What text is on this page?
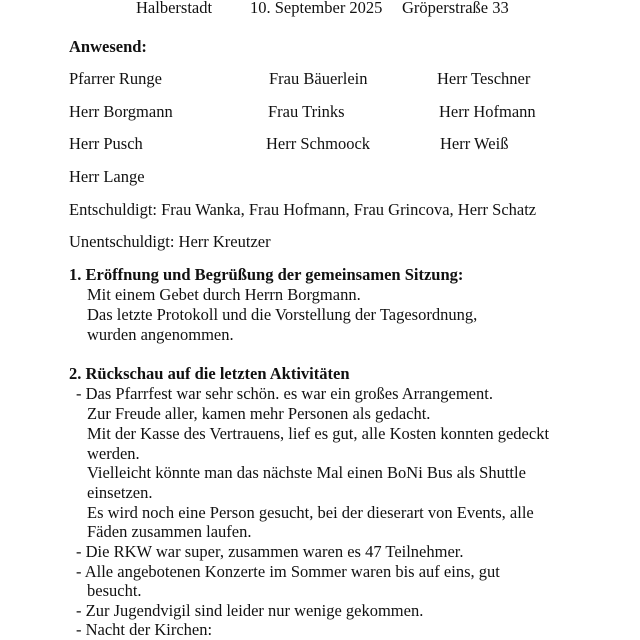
Halberstadt 10. September 2025 Gröperstraße 33
Anwesend:
Pfarrer Runge	Frau Bäuerlein	Herr Teschner
Herr Borgmann	Frau Trinks	Herr Hofmann
Herr Pusch	Herr Schmoock	Herr Weiß
Herr Lange
Entschuldigt: Frau Wanka, Frau Hofmann, Frau Grincova, Herr Schatz
Unentschuldigt: Herr Kreutzer
1. Eröffnung und Begrüßung der gemeinsamen Sitzung:
Mit einem Gebet durch Herrn Borgmann.
Das letzte Protokoll und die Vorstellung der Tagesordnung,
wurden angenommen.
2. Rückschau auf die letzten Aktivitäten
- Das Pfarrfest war sehr schön. es war ein großes Arrangement.
Zur Freude aller, kamen mehr Personen als gedacht.
Mit der Kasse des Vertrauens, lief es gut, alle Kosten konnten gedeckt
werden.
Vielleicht könnte man das nächste Mal einen BoNi Bus als Shuttle
einsetzen.
Es wird noch eine Person gesucht, bei der dieserart von Events, alle
Fäden zusammen laufen.
- Die RKW war super, zusammen waren es 47 Teilnehmer.
- Alle angebotenen Konzerte im Sommer waren bis auf eins, gut
besucht.
- Zur Jugendvigil sind leider nur wenige gekommen.
- Nacht der Kirchen:
